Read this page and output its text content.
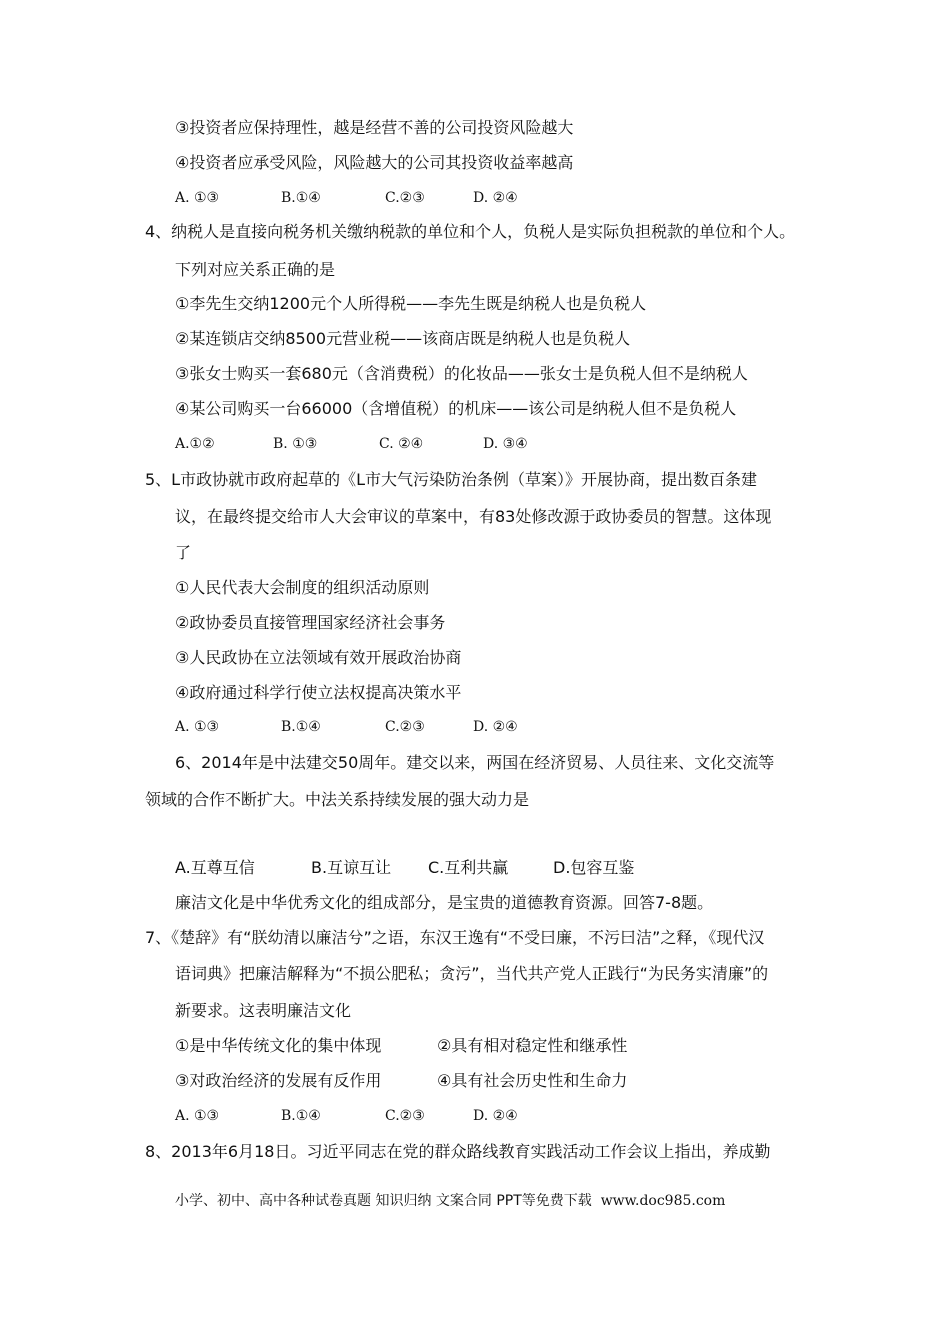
③投资者应保持理性，越是经营不善的公司投资风险越大
④投资者应承受风险，风险越大的公司其投资收益率越高
A. ①③	B.①④	C.②③	D. ②④
4、纳税人是直接向税务机关缴纳税款的单位和个人，负税人是实际负担税款的单位和个人。
下列对应关系正确的是
①李先生交纳1200元个人所得税——李先生既是纳税人也是负税人
②某连锁店交纳8500元营业税——该商店既是纳税人也是负税人
③张女士购买一套680元（含消费税）的化妆品——张女士是负税人但不是纳税人
④某公司购买一台66000（含增值税）的机床——该公司是纳税人但不是负税人
A.①②	B. ①③	C. ②④	D. ③④
5、L市政协就市政府起草的《L市大气污染防治条例（草案）》开展协商，提出数百条建
议，在最终提交给市人大会审议的草案中，有83处修改源于政协委员的智慧。这体现
了
①人民代表大会制度的组织活动原则
②政协委员直接管理国家经济社会事务
③人民政协在立法领域有效开展政治协商
④政府通过科学行使立法权提高决策水平
A. ①③	B.①④	C.②③	D. ②④
6、2014年是中法建交50周年。建交以来，两国在经济贸易、人员往来、文化交流等
领域的合作不断扩大。中法关系持续发展的强大动力是
A.互尊互信	B.互谅互让 C.互利共赢	D.包容互鉴
廉洁文化是中华优秀文化的组成部分，是宝贵的道德教育资源。回答7-8题。
7、《楚辞》有“朕幼清以廉洁兮”之语，东汉王逸有“不受曰廉，不污曰洁”之释，《现代汉
语词典》把廉洁解释为“不损公肥私；贪污”，当代共产党人正践行“为民务实清廉”的
新要求。这表明廉洁文化
①是中华传统文化的集中体现	②具有相对稳定性和继承性
③对政治经济的发展有反作用	④具有社会历史性和生命力
A. ①③	B.①④	C.②③	D. ②④
8、2013年6月18日。习近平同志在党的群众路线教育实践活动工作会议上指出，养成勤
小学、初中、高中各种试卷真题 知识归纳 文案合同 PPT等免费下载 www.doc985.com
